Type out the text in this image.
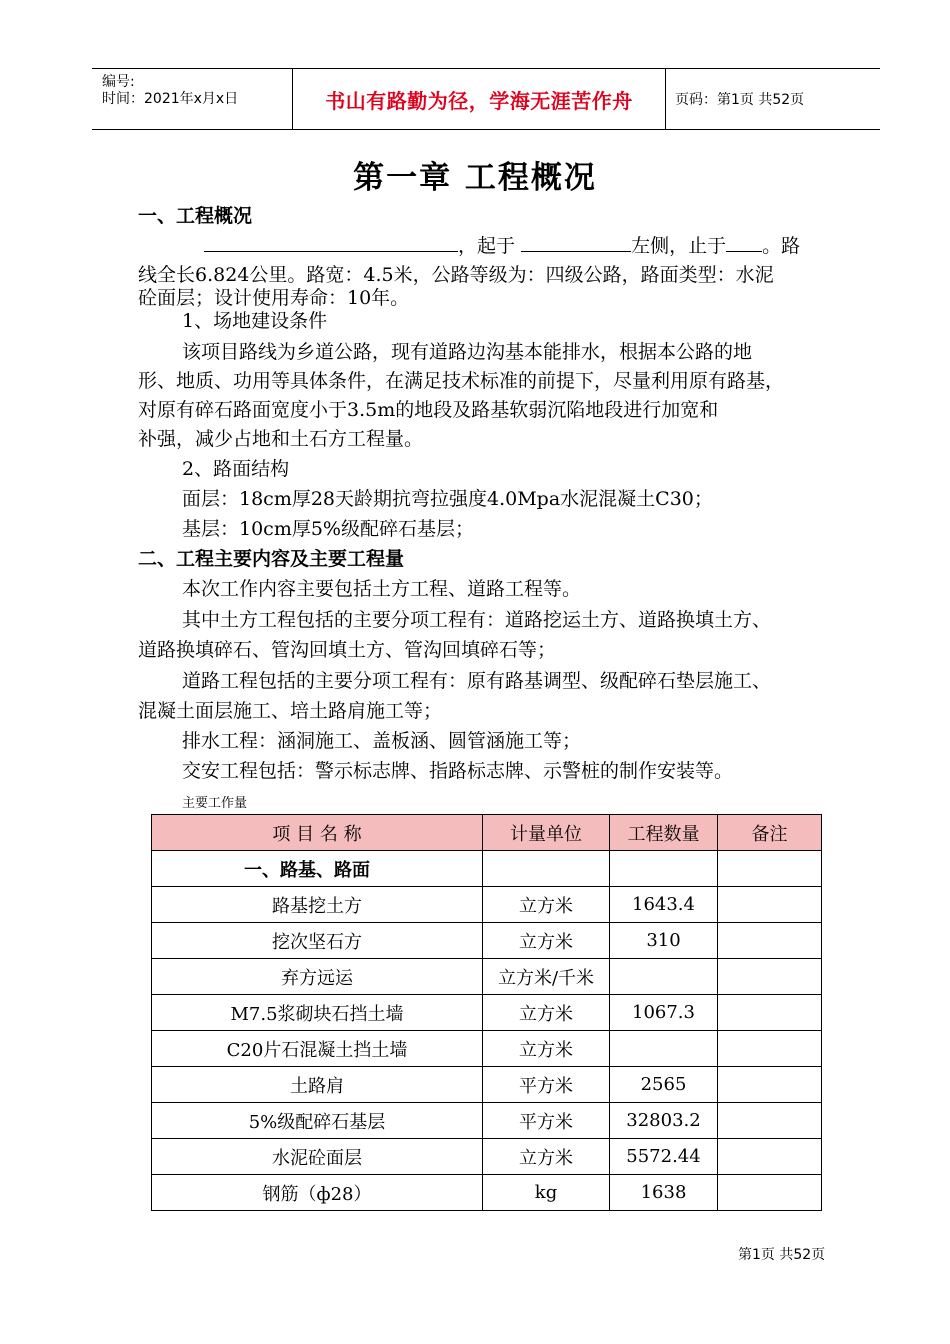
编号:
时间：2021年x月x日	书山有路勤为径，学海无涯苦作舟	页码：第1页 共52页
第一章 工程概况
一、工程概况
，起于	左侧，止于 。路
线全长6.824公里。路宽：4.5米，公路等级为：四级公路，路面类型：水泥
砼面层；设计使用寿命：10年。
1、场地建设条件
该项目路线为乡道公路，现有道路边沟基本能排水，根据本公路的地
形、地质、功用等具体条件，在满足技术标准的前提下，尽量利用原有路基，
对原有碎石路面宽度小于3.5m的地段及路基软弱沉陷地段进行加宽和
补强，减少占地和土石方工程量。
2、路面结构
面层：18cm厚28天龄期抗弯拉强度4.0Mpa水泥混凝土C30；
基层：10cm厚5%级配碎石基层；
二、工程主要内容及主要工程量
本次工作内容主要包括土方工程、道路工程等。
其中土方工程包括的主要分项工程有：道路挖运土方、道路换填土方、
道路换填碎石、管沟回填土方、管沟回填碎石等；
道路工程包括的主要分项工程有：原有路基调型、级配碎石垫层施工、
混凝土面层施工、培土路肩施工等；
排水工程：涵洞施工、盖板涵、圆管涵施工等；
交安工程包括：警示标志牌、指路标志牌、示警桩的制作安装等。
主要工作量
项 目 名 称	计量单位	工程数量	备注
一、路基、路面			
路基挖土方	立方米	1643.4	
挖次坚石方	立方米	310	
弃方远运	立方米/千米		
M7.5浆砌块石挡土墙	立方米	1067.3	
C20片石混凝土挡土墙	立方米		
土路肩	平方米	2565	
5%级配碎石基层	平方米	32803.2	
水泥砼面层	立方米	5572.44	
钢筋（ф28）	kg	1638	
第1页 共52页
